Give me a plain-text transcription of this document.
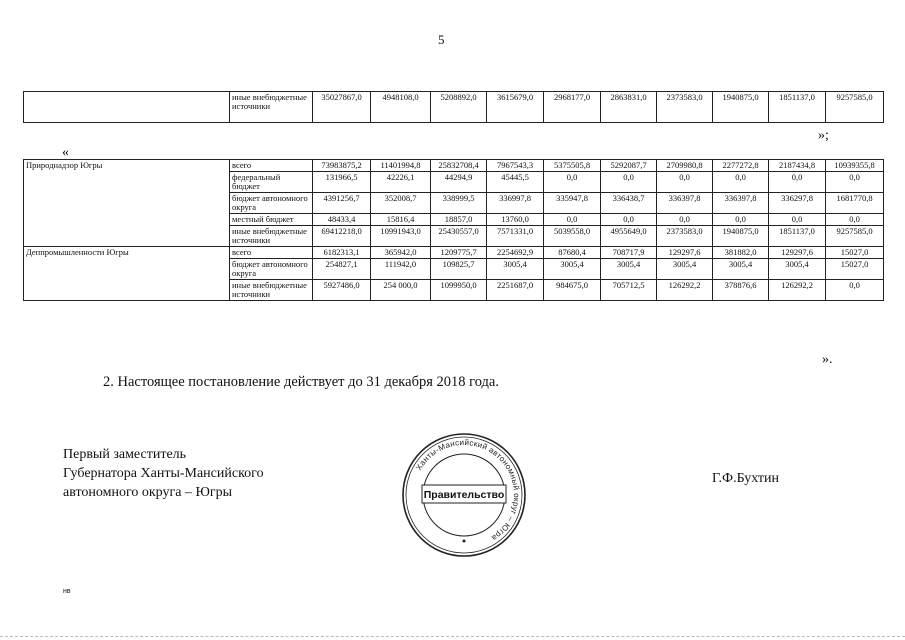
5
	иные внебюджетные источники	35027867,0	4948108,0	5208892,0	3615679,0	2968177,0	2863831,0	2373583,0	1940875,0	1851137,0	9257585,0
»;
«
Природнадзор Югры	всего	73983875,2	11401994,8	25832708,4	7967543,3	5375505,8	5292087,7	2709980,8	2277272,8	2187434,8	10939355,8
	федеральный бюджет	131966,5	42226,1	44294,9	45445,5	0,0	0,0	0,0	0,0	0,0	0,0
	бюджет автономного округа	4391256,7	352008,7	338999,5	336997,8	335947,8	336438,7	336397,8	336397,8	336297,8	1681770,8
	местный бюджет	48433,4	15816,4	18857,0	13760,0	0,0	0,0	0,0	0,0	0,0	0,0
	иные внебюджетные источники	69412218,0	10991943,0	25430557,0	7571331,0	5039558,0	4955649,0	2373583,0	1940875,0	1851137,0	9257585,0
Деппромышленности Югры	всего	6182313,1	365942,0	1209775,7	2254692,9	87680,4	708717,9	129297,6	381882,0	129297,6	15027,0
	бюджет автономного округа	254827,1	111942,0	109825,7	3005,4	3005,4	3005,4	3005,4	3005,4	3005,4	15027,0
	иные внебюджетные источники	5927486,0	254 000,0	1099950,0	2251687,0	984675,0	705712,5	126292,2	378876,6	126292,2	0,0
».
2. Настоящее постановление действует до 31 декабря 2018 года.
Первый заместитель
Губернатора Ханты-Мансийского
автономного округа – Югры
Г.Ф.Бухтин
Ханты-Мансийский автономный округ – Югра
Правительство
нв
